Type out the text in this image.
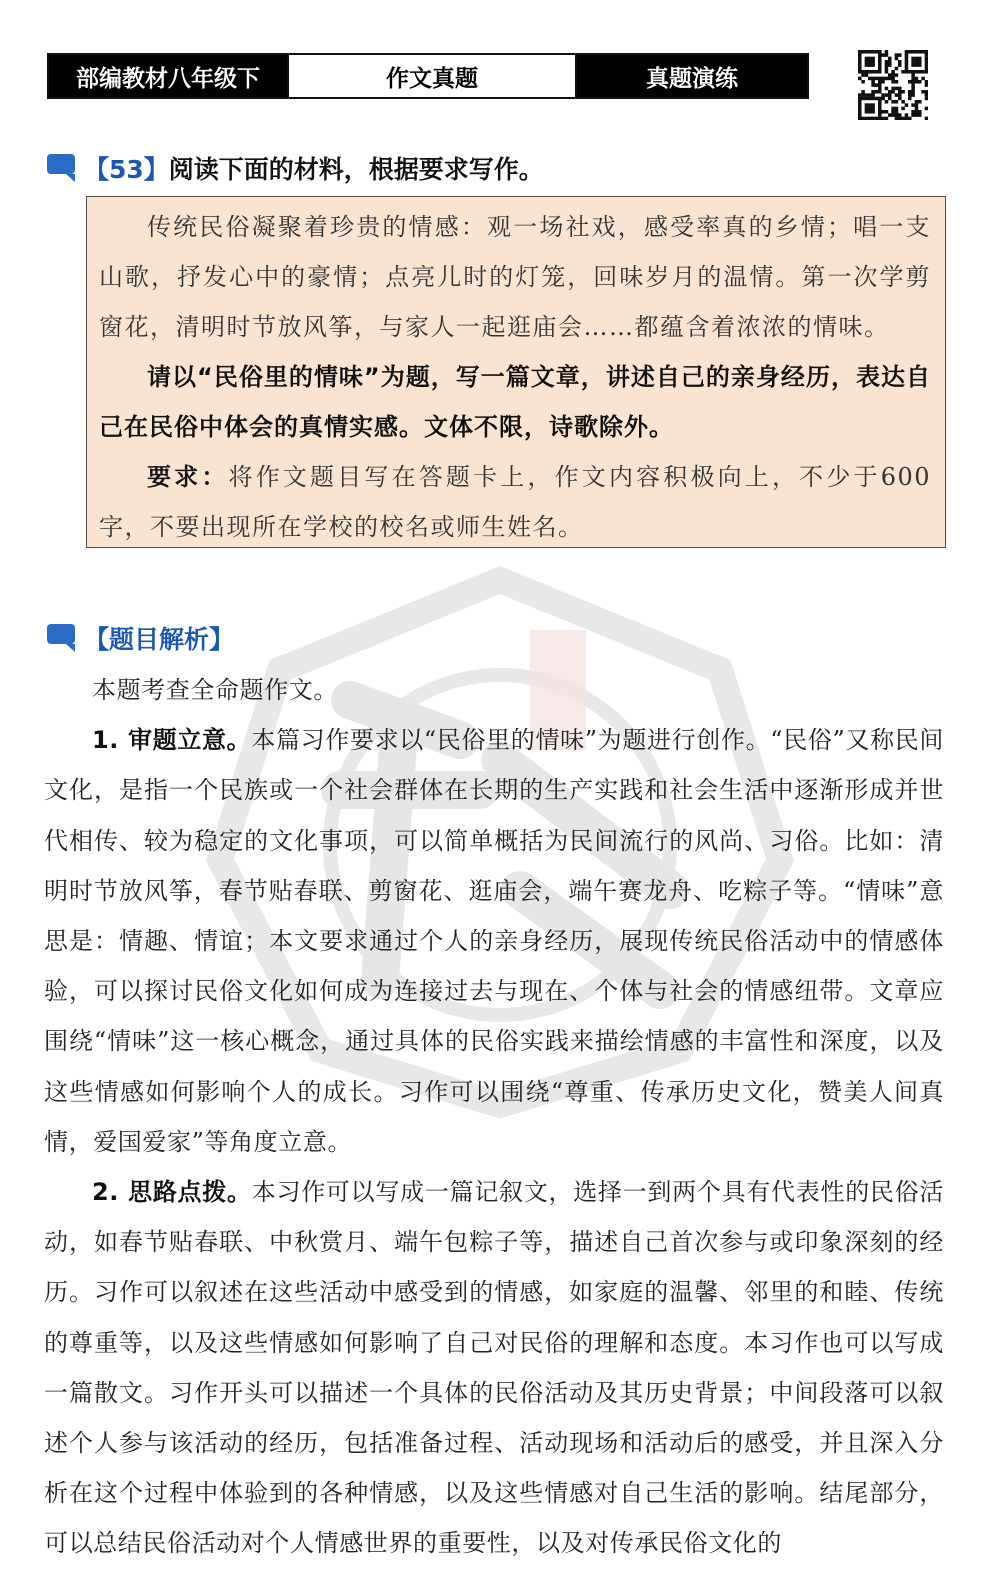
部编教材八年级下	作文真题	真题演练
【53】 阅读下面的材料，根据要求写作。

传统民俗凝聚着珍贵的情感：观一场社戏，感受率真的乡情；唱一支山歌，抒发心中的豪情；点亮儿时的灯笼，回味岁月的温情。第一次学剪窗花，清明时节放风筝，与家人一起逛庙会……都蕴含着浓浓的情味。

请以“民俗里的情味”为题，写一篇文章，讲述自己的亲身经历，表达自己在民俗中体会的真情实感。文体不限，诗歌除外。

要求：将作文题目写在答题卡上，作文内容积极向上，不少于600字，不要出现所在学校的校名或师生姓名。

【题目解析】

本题考查全命题作文。

1. 审题立意。本篇习作要求以“民俗里的情味”为题进行创作。“民俗”又称民间文化，是指一个民族或一个社会群体在长期的生产实践和社会生活中逐渐形成并世代相传、较为稳定的文化事项，可以简单概括为民间流行的风尚、习俗。比如：清明时节放风筝，春节贴春联、剪窗花、逛庙会，端午赛龙舟、吃粽子等。“情味”意思是：情趣、情谊；本文要求通过个人的亲身经历，展现传统民俗活动中的情感体验，可以探讨民俗文化如何成为连接过去与现在、个体与社会的情感纽带。文章应围绕“情味”这一核心概念，通过具体的民俗实践来描绘情感的丰富性和深度，以及这些情感如何影响个人的成长。习作可以围绕“尊重、传承历史文化，赞美人间真情，爱国爱家”等角度立意。

2. 思路点拨。本习作可以写成一篇记叙文，选择一到两个具有代表性的民俗活动，如春节贴春联、中秋赏月、端午包粽子等，描述自己首次参与或印象深刻的经历。习作可以叙述在这些活动中感受到的情感，如家庭的温馨、邻里的和睦、传统的尊重等，以及这些情感如何影响了自己对民俗的理解和态度。本习作也可以写成一篇散文。习作开头可以描述一个具体的民俗活动及其历史背景；中间段落可以叙述个人参与该活动的经历，包括准备过程、活动现场和活动后的感受，并且深入分析在这个过程中体验到的各种情感，以及这些情感对自己生活的影响。结尾部分，可以总结民俗活动对个人情感世界的重要性，以及对传承民俗文化的
